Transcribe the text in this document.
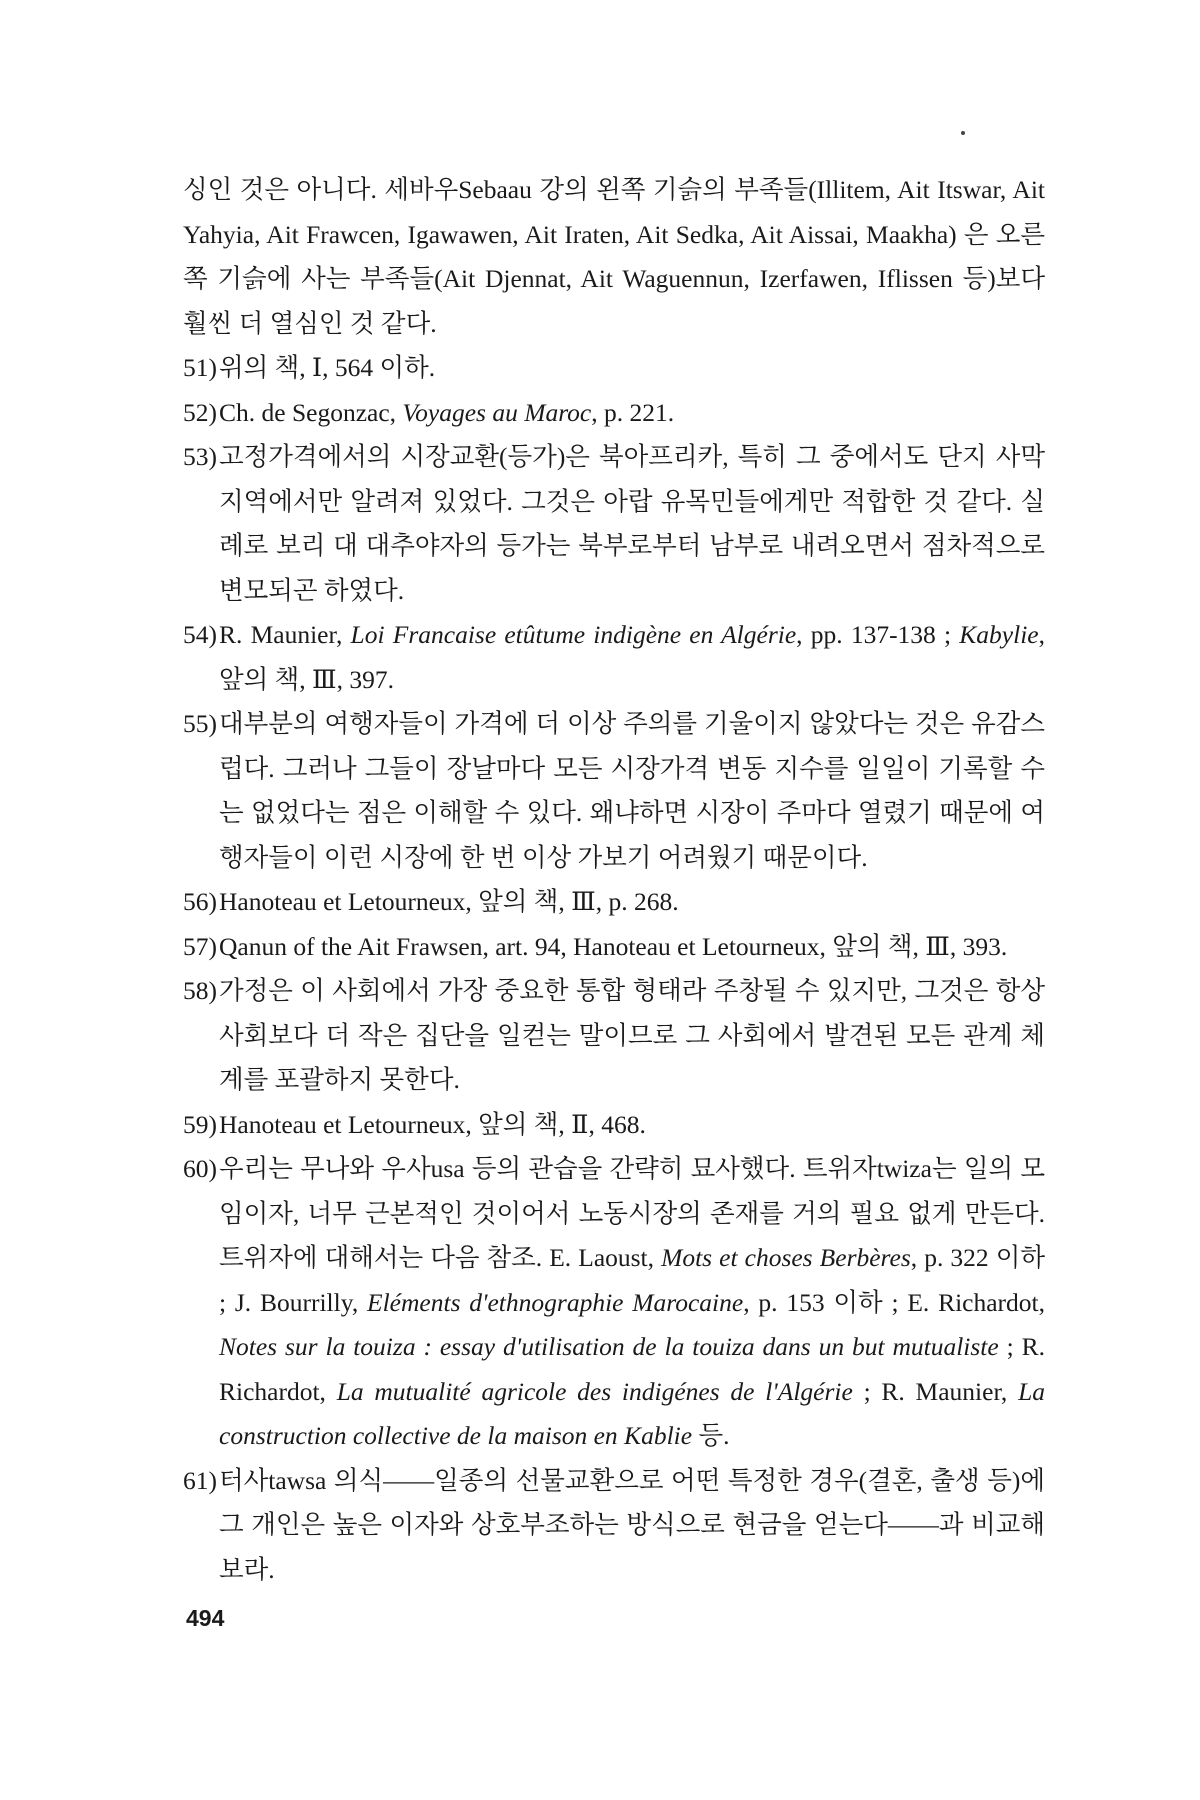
싱인 것은 아니다. 세바우Sebaau 강의 왼쪽 기슭의 부족들(Illitem, Ait Itswar, Ait Yahyia, Ait Frawcen, Igawawen, Ait Iraten, Ait Sedka, Ait Aissai, Maakha) 은 오른쪽 기슭에 사는 부족들(Ait Djennat, Ait Waguennun, Izerfawen, Iflissen 등)보다 훨씬 더 열심인 것 같다.

51)위의 책, Ⅰ, 564 이하.

52)Ch. de Segonzac, Voyages au Maroc, p. 221.

53)고정가격에서의 시장교환(등가)은 북아프리카, 특히 그 중에서도 단지 사막 지역에서만 알려져 있었다. 그것은 아랍 유목민들에게만 적합한 것 같다. 실례로 보리 대 대추야자의 등가는 북부로부터 남부로 내려오면서 점차적으로 변모되곤 하였다.

54)R. Maunier, Loi Francaise etûtume indigène en Algérie, pp. 137-138 ; Kabylie, 앞의 책, Ⅲ, 397.

55)대부분의 여행자들이 가격에 더 이상 주의를 기울이지 않았다는 것은 유감스럽다. 그러나 그들이 장날마다 모든 시장가격 변동 지수를 일일이 기록할 수는 없었다는 점은 이해할 수 있다. 왜냐하면 시장이 주마다 열렸기 때문에 여행자들이 이런 시장에 한 번 이상 가보기 어려웠기 때문이다.

56)Hanoteau et Letourneux, 앞의 책, Ⅲ, p. 268.

57)Qanun of the Ait Frawsen, art. 94, Hanoteau et Letourneux, 앞의 책, Ⅲ, 393.

58)가정은 이 사회에서 가장 중요한 통합 형태라 주창될 수 있지만, 그것은 항상 사회보다 더 작은 집단을 일컫는 말이므로 그 사회에서 발견된 모든 관계 체계를 포괄하지 못한다.

59)Hanoteau et Letourneux, 앞의 책, Ⅱ, 468.

60)우리는 무나와 우사usa 등의 관습을 간략히 묘사했다. 트위자twiza는 일의 모임이자, 너무 근본적인 것이어서 노동시장의 존재를 거의 필요 없게 만든다. 트위자에 대해서는 다음 참조. E. Laoust, Mots et choses Berbères, p. 322 이하 ; J. Bourrilly, Eléments d'ethnographie Marocaine, p. 153 이하 ; E. Richardot, Notes sur la touiza : essay d'utilisation de la touiza dans un but mutualiste ; R. Richardot, La mutualité agricole des indigénes de l'Algérie ; R. Maunier, La construction collective de la maison en Kablie 등.

61)터사tawsa 의식——일종의 선물교환으로 어떤 특정한 경우(결혼, 출생 등)에 그 개인은 높은 이자와 상호부조하는 방식으로 현금을 얻는다——과 비교해 보라.

494
